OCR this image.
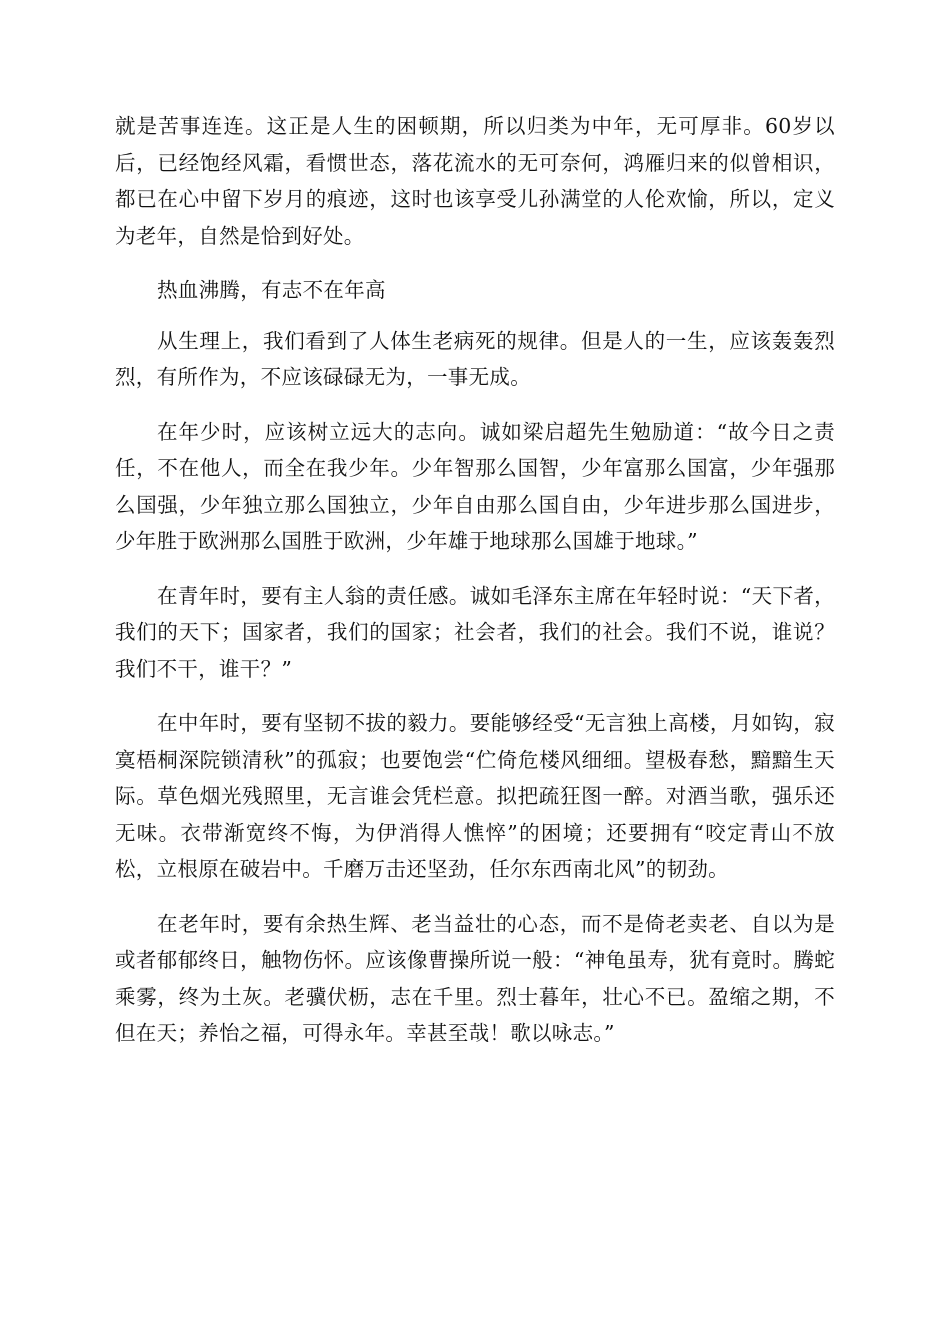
就是苦事连连。这正是人生的困顿期，所以归类为中年，无可厚非。60岁以后，已经饱经风霜，看惯世态，落花流水的无可奈何，鸿雁归来的似曾相识，都已在心中留下岁月的痕迹，这时也该享受儿孙满堂的人伦欢愉，所以，定义为老年，自然是恰到好处。

热血沸腾，有志不在年高

从生理上，我们看到了人体生老病死的规律。但是人的一生，应该轰轰烈烈，有所作为，不应该碌碌无为，一事无成。

在年少时，应该树立远大的志向。诚如梁启超先生勉励道：“故今日之责任，不在他人，而全在我少年。少年智那么国智，少年富那么国富，少年强那么国强，少年独立那么国独立，少年自由那么国自由，少年进步那么国进步，少年胜于欧洲那么国胜于欧洲，少年雄于地球那么国雄于地球。”

在青年时，要有主人翁的责任感。诚如毛泽东主席在年轻时说：“天下者，我们的天下；国家者，我们的国家；社会者，我们的社会。我们不说，谁说？我们不干，谁干？”

在中年时，要有坚韧不拔的毅力。要能够经受“无言独上高楼，月如钩，寂寞梧桐深院锁清秋”的孤寂；也要饱尝“伫倚危楼风细细。望极春愁，黯黯生天际。草色烟光残照里，无言谁会凭栏意。拟把疏狂图一醉。对酒当歌，强乐还无味。衣带渐宽终不悔，为伊消得人憔悴”的困境；还要拥有“咬定青山不放松，立根原在破岩中。千磨万击还坚劲，任尔东西南北风”的韧劲。

在老年时，要有余热生辉、老当益壮的心态，而不是倚老卖老、自以为是或者郁郁终日，触物伤怀。应该像曹操所说一般：“神龟虽寿，犹有竟时。腾蛇乘雾，终为土灰。老骥伏枥，志在千里。烈士暮年，壮心不已。盈缩之期，不但在天；养怡之福，可得永年。幸甚至哉！歌以咏志。”
